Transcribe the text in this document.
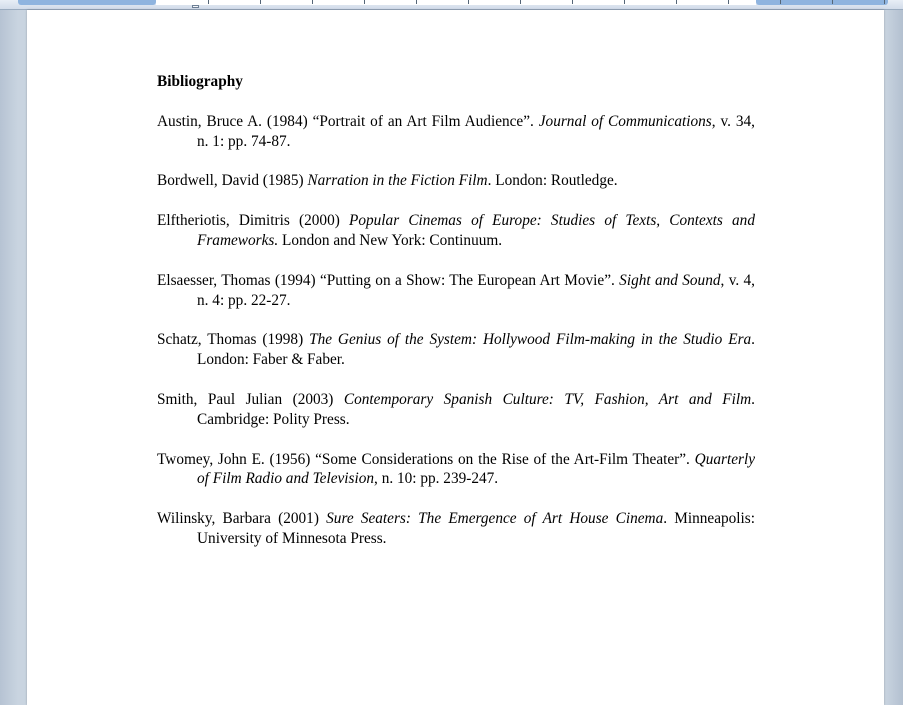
Bibliography

Austin, Bruce A. (1984) “Portrait of an Art Film Audience”. Journal of Communications, v. 34, n. 1: pp. 74-87.

Bordwell, David (1985) Narration in the Fiction Film. London: Routledge.

Elftheriotis, Dimitris (2000) Popular Cinemas of Europe: Studies of Texts, Contexts and Frameworks. London and New York: Continuum.

Elsaesser, Thomas (1994) “Putting on a Show: The European Art Movie”. Sight and Sound, v. 4, n. 4: pp. 22-27.

Schatz, Thomas (1998) The Genius of the System: Hollywood Film-making in the Studio Era. London: Faber & Faber.

Smith, Paul Julian (2003) Contemporary Spanish Culture: TV, Fashion, Art and Film. Cambridge: Polity Press.

Twomey, John E. (1956) “Some Considerations on the Rise of the Art-Film Theater”. Quarterly of Film Radio and Television, n. 10: pp. 239-247.

Wilinsky, Barbara (2001) Sure Seaters: The Emergence of Art House Cinema. Minneapolis: University of Minnesota Press.
